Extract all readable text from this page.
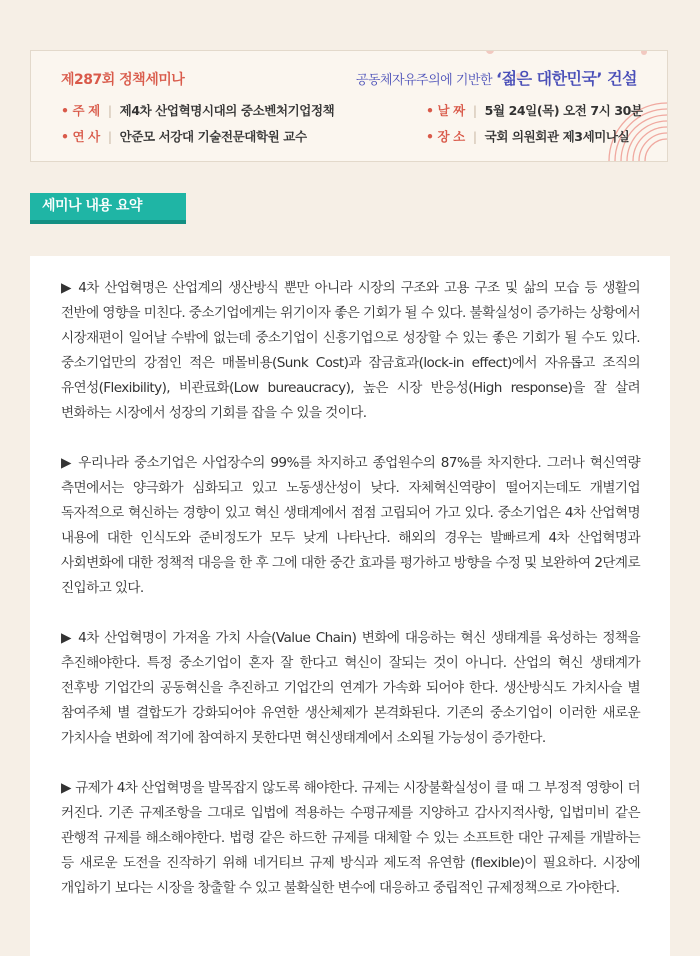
제287회 정책세미나	공동체자유주의에 기반한 ‘젊은 대한민국’ 건설
• 주 제 | 제4차 산업혁명시대의 중소벤처기업정책
• 연 사 | 안준모 서강대 기술전문대학원 교수
• 날 짜 | 5월 24일(목) 오전 7시 30분
• 장 소 | 국회 의원회관 제3세미나실
세미나 내용 요약

▶ 4차 산업혁명은 산업계의 생산방식 뿐만 아니라 시장의 구조와 고용 구조 및 삶의 모습 등 생활의 전반에 영향을 미친다. 중소기업에게는 위기이자 좋은 기회가 될 수 있다. 불확실성이 증가하는 상황에서 시장재편이 일어날 수밖에 없는데 중소기업이 신흥기업으로 성장할 수 있는 좋은 기회가 될 수도 있다. 중소기업만의 강점인 적은 매몰비용(Sunk Cost)과 잠금효과(lock-in effect)에서 자유롭고 조직의 유연성(Flexibility), 비관료화(Low bureaucracy), 높은 시장 반응성(High response)을 잘 살려 변화하는 시장에서 성장의 기회를 잡을 수 있을 것이다.

▶ 우리나라 중소기업은 사업장수의 99%를 차지하고 종업원수의 87%를 차지한다. 그러나 혁신역량 측면에서는 양극화가 심화되고 있고 노동생산성이 낮다. 자체혁신역량이 떨어지는데도 개별기업 독자적으로 혁신하는 경향이 있고 혁신 생태계에서 점점 고립되어 가고 있다. 중소기업은 4차 산업혁명 내용에 대한 인식도와 준비정도가 모두 낮게 나타난다. 해외의 경우는 발빠르게 4차 산업혁명과 사회변화에 대한 정책적 대응을 한 후 그에 대한 중간 효과를 평가하고 방향을 수정 및 보완하여 2단계로 진입하고 있다.

▶ 4차 산업혁명이 가져올 가치 사슬(Value Chain) 변화에 대응하는 혁신 생태계를 육성하는 정책을 추진해야한다. 특정 중소기업이 혼자 잘 한다고 혁신이 잘되는 것이 아니다. 산업의 혁신 생태계가 전후방 기업간의 공동혁신을 추진하고 기업간의 연계가 가속화 되어야 한다. 생산방식도 가치사슬 별 참여주체 별 결합도가 강화되어야 유연한 생산체제가 본격화된다. 기존의 중소기업이 이러한 새로운 가치사슬 변화에 적기에 참여하지 못한다면 혁신생태계에서 소외될 가능성이 증가한다.

▶ 규제가 4차 산업혁명을 발목잡지 않도록 해야한다. 규제는 시장불확실성이 클 때 그 부정적 영향이 더 커진다. 기존 규제조항을 그대로 입법에 적용하는 수평규제를 지양하고 감사지적사항, 입법미비 같은 관행적 규제를 해소해야한다. 법령 같은 하드한 규제를 대체할 수 있는 소프트한 대안 규제를 개발하는 등 새로운 도전을 진작하기 위해 네거티브 규제 방식과 제도적 유연함 (flexible)이 필요하다. 시장에 개입하기 보다는 시장을 창출할 수 있고 불확실한 변수에 대응하고 중립적인 규제정책으로 가야한다.
